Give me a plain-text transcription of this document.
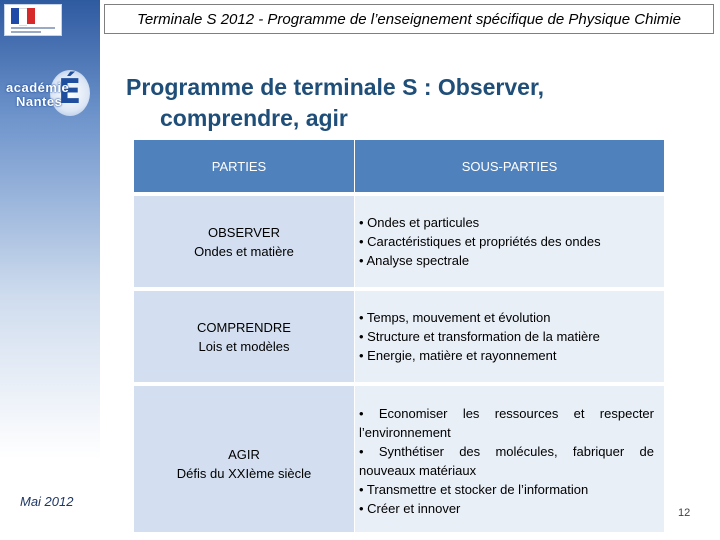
É
académie
Nantes
Mai 2012
Terminale S 2012 - Programme de l’enseignement spécifique de Physique Chimie
Programme de terminale S : Observer,
comprendre, agir
PARTIES	SOUS-PARTIES
OBSERVER
Ondes et matière
• Ondes et particules
• Caractéristiques et propriétés des ondes
• Analyse spectrale
COMPRENDRE
Lois et modèles
• Temps, mouvement et évolution
• Structure et transformation de la matière
• Energie, matière et rayonnement
AGIR
Défis du XXIème siècle
• Economiser les ressources et respecter l’environnement
• Synthétiser des molécules, fabriquer de nouveaux matériaux
• Transmettre et stocker de l’information
• Créer et innover	12
